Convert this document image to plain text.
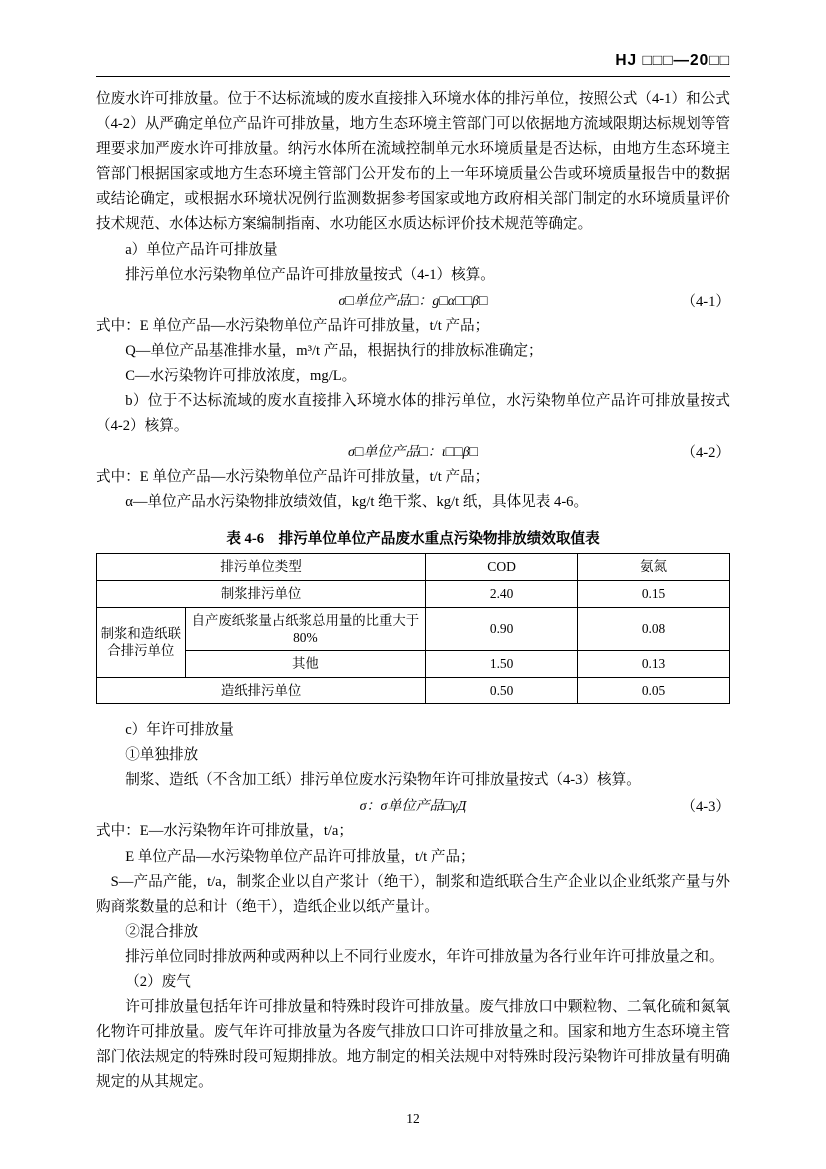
HJ □□□—20□□

位废水许可排放量。位于不达标流域的废水直接排入环境水体的排污单位，按照公式（4-1）和公式（4-2）从严确定单位产品许可排放量，地方生态环境主管部门可以依据地方流域限期达标规划等管理要求加严废水许可排放量。纳污水体所在流域控制单元水环境质量是否达标，由地方生态环境主管部门根据国家或地方生态环境主管部门公开发布的上一年环境质量公告或环境质量报告中的数据或结论确定，或根据水环境状况例行监测数据参考国家或地方政府相关部门制定的水环境质量评价技术规范、水体达标方案编制指南、水功能区水质达标评价技术规范等确定。

a）单位产品许可排放量

排污单位水污染物单位产品许可排放量按式（4-1）核算。

σ□单位产品□：g□α□□β□	（4-1）

式中：E 单位产品—水污染物单位产品许可排放量，t/t 产品；

Q—单位产品基准排水量，m³/t 产品，根据执行的排放标准确定；

C—水污染物许可排放浓度，mg/L。

b）位于不达标流域的废水直接排入环境水体的排污单位，水污染物单位产品许可排放量按式（4-2）核算。

σ□单位产品□：ι□□β□	（4-2）

式中：E 单位产品—水污染物单位产品许可排放量，t/t 产品；

α—单位产品水污染物排放绩效值，kg/t 绝干浆、kg/t 纸，具体见表 4-6。

表 4-6　排污单位单位产品废水重点污染物排放绩效取值表
排污单位类型		COD	氨氮
制浆排污单位		2.40	0.15
制浆和造纸联合排污单位	自产废纸浆量占纸浆总用量的比重大于80%	0.90	0.08
	其他	1.50	0.13
造纸排污单位		0.50	0.05

c）年许可排放量

①单独排放

制浆、造纸（不含加工纸）排污单位废水污染物年许可排放量按式（4-3）核算。

σ：σ单位产品□γД	（4-3）

式中：E—水污染物年许可排放量，t/a；

E 单位产品—水污染物单位产品许可排放量，t/t 产品；

S—产品产能，t/a，制浆企业以自产浆计（绝干），制浆和造纸联合生产企业以企业纸浆产量与外购商浆数量的总和计（绝干），造纸企业以纸产量计。

②混合排放

排污单位同时排放两种或两种以上不同行业废水，年许可排放量为各行业年许可排放量之和。

（2）废气

许可排放量包括年许可排放量和特殊时段许可排放量。废气排放口中颗粒物、二氧化硫和氮氧化物许可排放量。废气年许可排放量为各废气排放口口许可排放量之和。国家和地方生态环境主管部门依法规定的特殊时段可短期排放。地方制定的相关法规中对特殊时段污染物许可排放量有明确规定的从其规定。

12
